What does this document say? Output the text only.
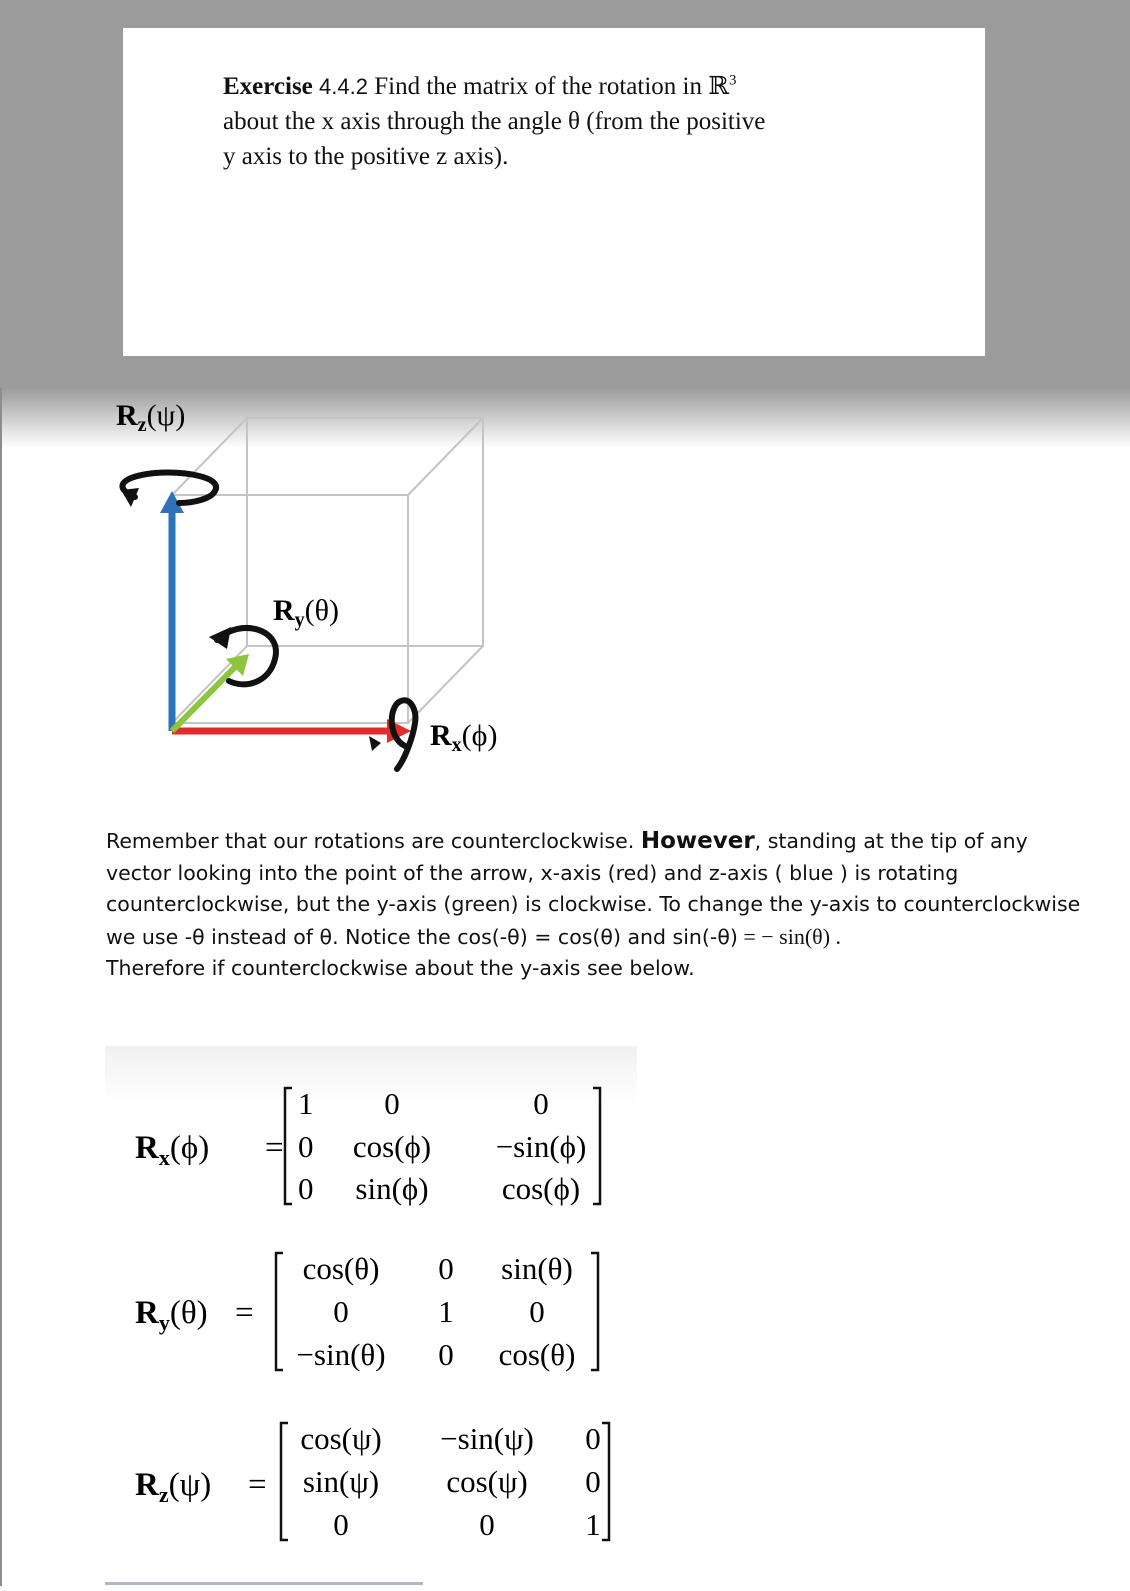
Exercise 4.4.2 Find the matrix of the rotation in ℝ$^3$
about the x axis through the angle θ (from the positive
y axis to the positive z axis).
$R_z(\psi)$
$R_y(\theta)$
$R_x(\phi)$

Remember that our rotations are counterclockwise. However, standing at the tip of any

vector looking into the point of the arrow, x-axis (red) and z-axis ( blue ) is rotating

counterclockwise, but the y-axis (green) is clockwise. To change the y-axis to counterclockwise

we use -θ instead of θ. Notice the cos(-θ) = cos(θ) and sin(-θ) = − sin(θ) .

Therefore if counterclockwise about the y-axis see below.

$R_x(\phi)$ =
1 0	0
0 cos(ϕ) −sin(ϕ)
0 sin(ϕ) cos(ϕ)
$R_y(\theta)$ =
cos(θ) 0 sin(θ)
0	1 0
−sin(θ) 0 cos(θ)
$R_z(\psi)$ =
cos(ψ) −sin(ψ) 0
sin(ψ) cos(ψ) 0
0	0	1
